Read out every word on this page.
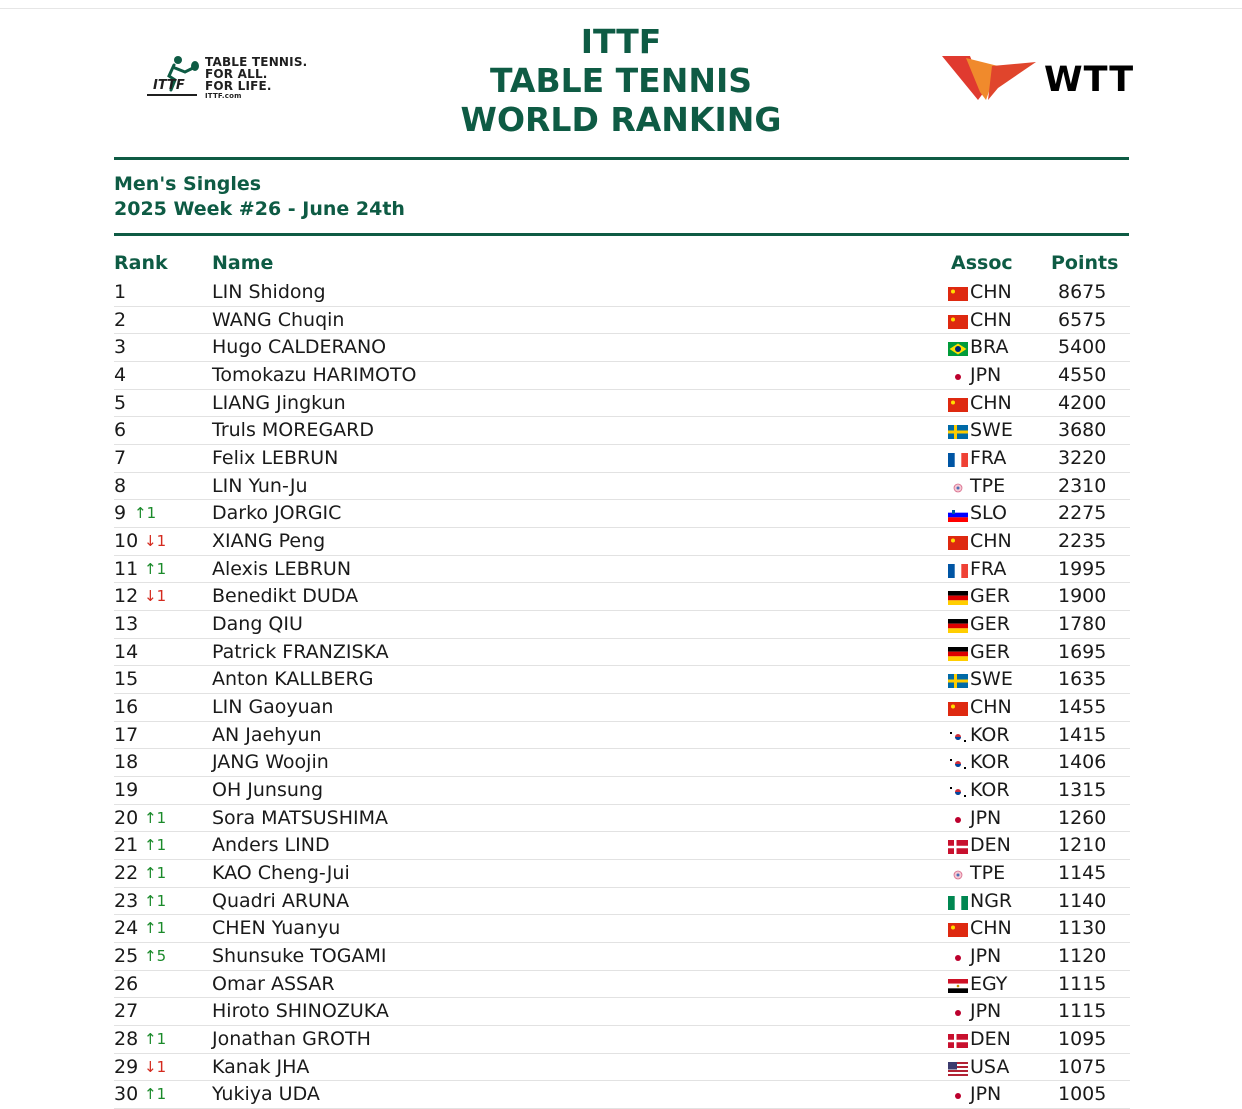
ITTF
TABLE TENNIS.
FOR ALL.
FOR LIFE.
ITTF.com
ITTF
TABLE TENNIS
WORLD RANKING
WTT
Men's Singles
2025 Week #26 - June 24th
Rank Name	Assoc Points
1	LIN Shidong	CHN 8675
2	WANG Chuqin	CHN 6575
3	Hugo CALDERANO	BRA	5400
4	Tomokazu HARIMOTO	JPN	4550
5	LIANG Jingkun	CHN 4200
6	Truls MOREGARD	SWE 3680
7	Felix LEBRUN	FRA	3220
8	LIN Yun-Ju	TPE	2310
9 ↑1	Darko JORGIC	SLO	2275
10 ↓1 XIANG Peng	CHN 2235
11 ↑1 Alexis LEBRUN	FRA	1995
12 ↓1 Benedikt DUDA	GER	1900
13	Dang QIU	GER	1780
14	Patrick FRANZISKA	GER	1695
15	Anton KALLBERG	SWE 1635
16	LIN Gaoyuan	CHN 1455
17	AN Jaehyun	KOR	1415
18	JANG Woojin	KOR	1406
19	OH Junsung	KOR	1315
20 ↑1 Sora MATSUSHIMA	JPN	1260
21 ↑1 Anders LIND	DEN 1210
22 ↑1 KAO Cheng-Jui	TPE	1145
23 ↑1 Quadri ARUNA	NGR 1140
24 ↑1 CHEN Yuanyu	CHN 1130
25 ↑5 Shunsuke TOGAMI	JPN	1120
26	Omar ASSAR	EGY	1115
27	Hiroto SHINOZUKA	JPN	1115
28 ↑1 Jonathan GROTH	DEN 1095
29 ↓1 Kanak JHA	USA	1075
30 ↑1 Yukiya UDA	JPN	1005
